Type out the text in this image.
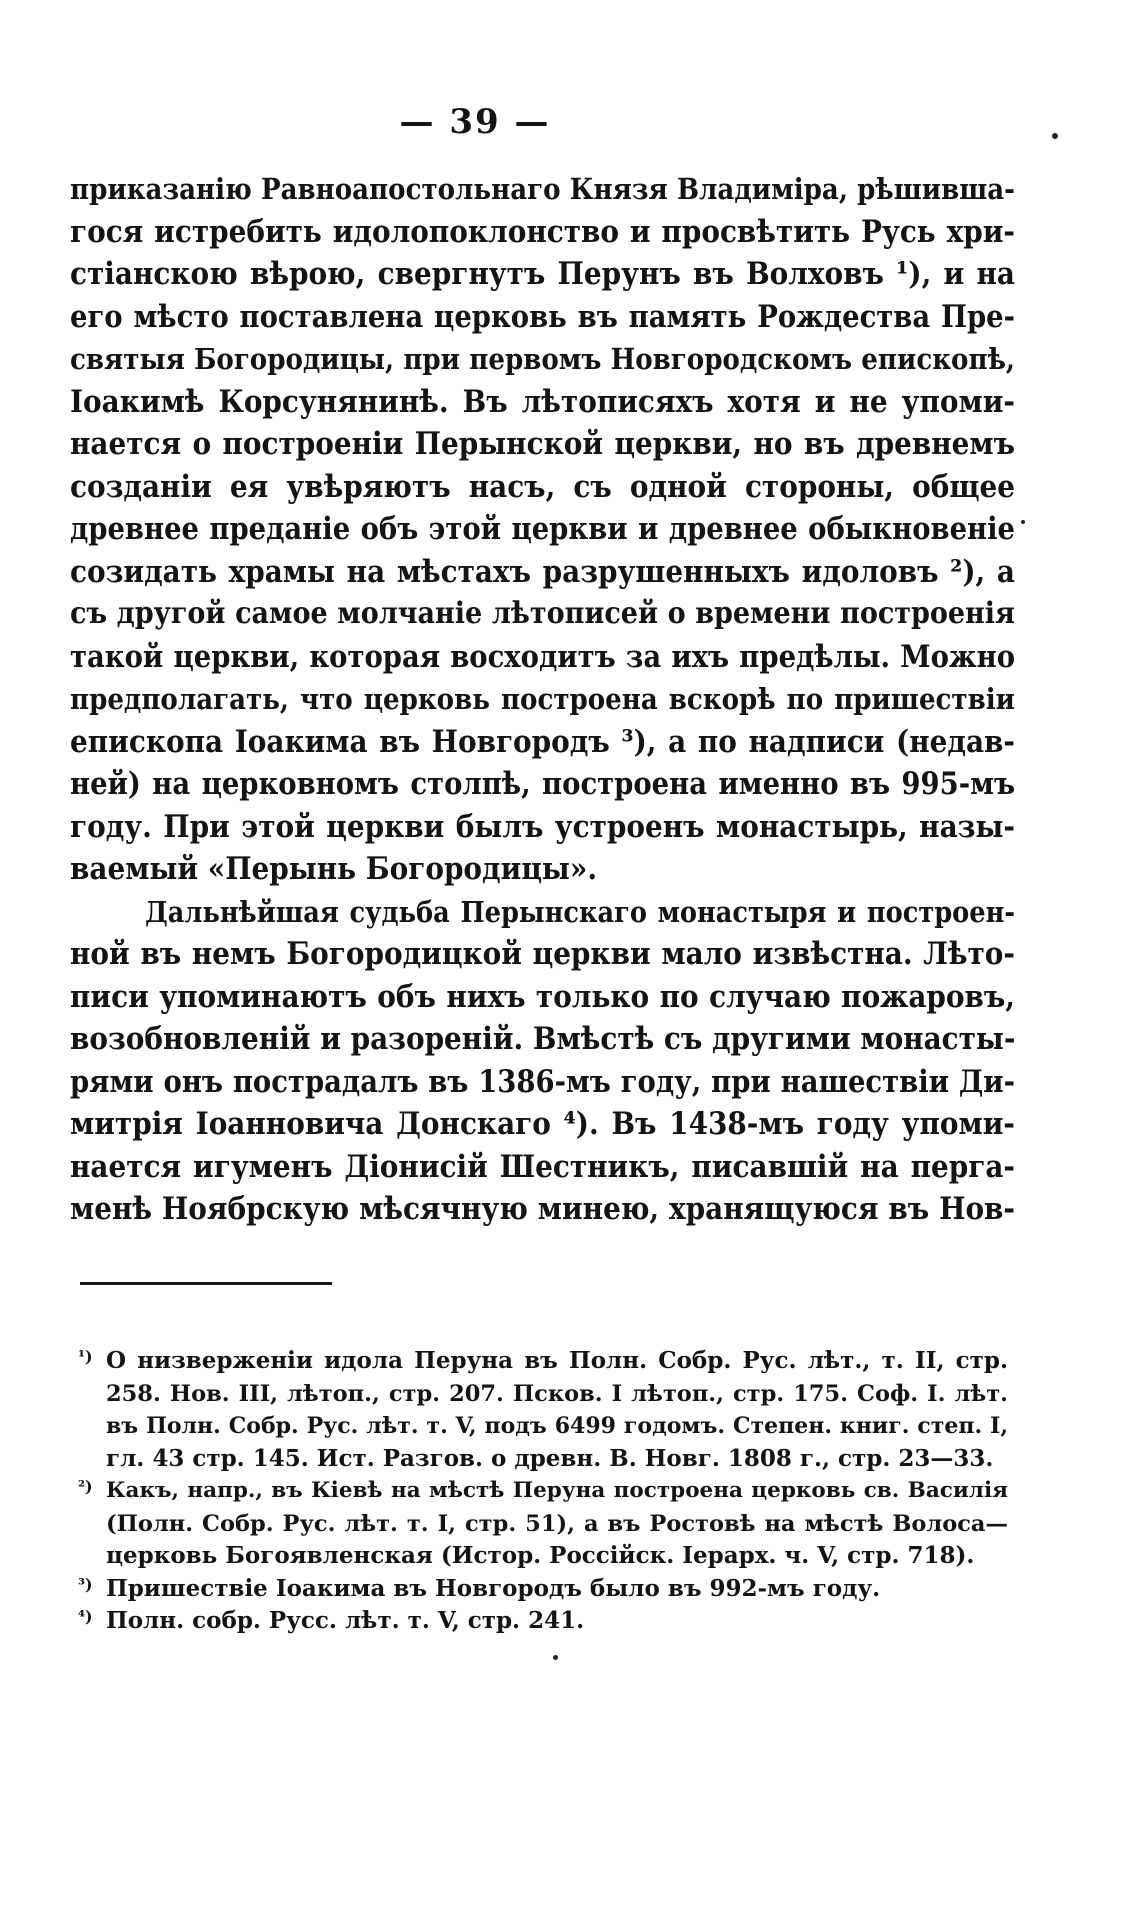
— 39 —
приказанію Равноапостольнаго Князя Владиміра, рѣшивша-
гося истребить идолопоклонство и просвѣтить Русь хри-
стіанскою вѣрою, свергнутъ Перунъ въ Волховъ ¹), и на
его мѣсто поставлена церковь въ память Рождества Пре-
святыя Богородицы, при первомъ Новгородскомъ епископѣ,
Іоакимѣ Корсунянинѣ. Въ лѣтописяхъ хотя и не упоми-
нается о построеніи Перынской церкви, но въ древнемъ
созданіи ея увѣряютъ насъ, съ одной стороны, общее
древнее преданіе объ этой церкви и древнее обыкновеніе
созидать храмы на мѣстахъ разрушенныхъ идоловъ ²), а
съ другой самое молчаніе лѣтописей о времени построенія
такой церкви, которая восходитъ за ихъ предѣлы. Можно
предполагать, что церковь построена вскорѣ по пришествіи
епископа Іоакима въ Новгородъ ³), а по надписи (недав-
ней) на церковномъ столпѣ, построена именно въ 995-мъ
году. При этой церкви былъ устроенъ монастырь, назы-
ваемый «Перынь Богородицы».
Дальнѣйшая судьба Перынскаго монастыря и построен-
ной въ немъ Богородицкой церкви мало извѣстна. Лѣто-
писи упоминаютъ объ нихъ только по случаю пожаровъ,
возобновленій и разореній. Вмѣстѣ съ другими монасты-
рями онъ пострадалъ въ 1386-мъ году, при нашествіи Ди-
митрія Іоанновича Донскаго ⁴). Въ 1438-мъ году упоми-
нается игуменъ Діонисій Шестникъ, писавшій на перга-
менѣ Ноябрскую мѣсячную минею, хранящуюся въ Нов-
¹) О низверженіи идола Перуна въ Полн. Собр. Рус. лѣт., т. II, стр.
258. Нов. III, лѣтоп., стр. 207. Псков. I лѣтоп., стр. 175. Соф. I. лѣт.
въ Полн. Собр. Рус. лѣт. т. V, подъ 6499 годомъ. Степен. книг. степ. I,
гл. 43 стр. 145. Ист. Разгов. о древн. В. Новг. 1808 г., стр. 23—33.
²) Какъ, напр., въ Кіевѣ на мѣстѣ Перуна построена церковь св. Василія
(Полн. Собр. Рус. лѣт. т. I, стр. 51), а въ Ростовѣ на мѣстѣ Волоса—
церковь Богоявленская (Истор. Россійск. Іерарх. ч. V, стр. 718).
³) Пришествіе Іоакима въ Новгородъ было въ 992-мъ году.
⁴) Полн. собр. Русс. лѣт. т. V, стр. 241.
